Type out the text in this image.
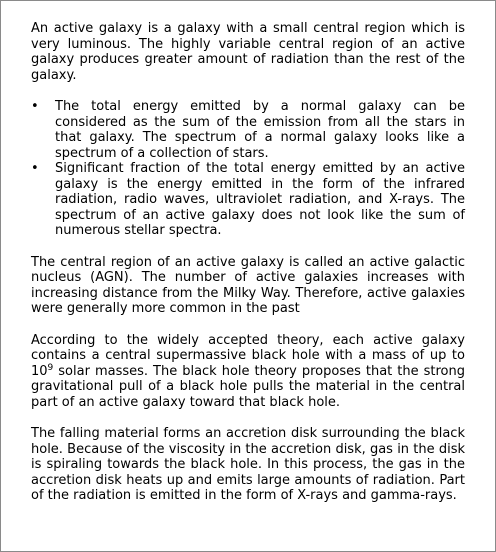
An active galaxy is a galaxy with a small central region which is very luminous. The highly variable central region of an active galaxy produces greater amount of radiation than the rest of the galaxy.

• The total energy emitted by a normal galaxy can be considered as the sum of the emission from all the stars in that galaxy. The spectrum of a normal galaxy looks like a spectrum of a collection of stars.
• Significant fraction of the total energy emitted by an active galaxy is the energy emitted in the form of the infrared radiation, radio waves, ultraviolet radiation, and X-rays. The spectrum of an active galaxy does not look like the sum of numerous stellar spectra.

The central region of an active galaxy is called an active galactic nucleus (AGN). The number of active galaxies increases with increasing distance from the Milky Way. Therefore, active galaxies were generally more common in the past

According to the widely accepted theory, each active galaxy contains a central supermassive black hole with a mass of up to $10^9$ solar masses. The black hole theory proposes that the strong gravitational pull of a black hole pulls the material in the central part of an active galaxy toward that black hole.

The falling material forms an accretion disk surrounding the black hole. Because of the viscosity in the accretion disk, gas in the disk is spiraling towards the black hole. In this process, the gas in the accretion disk heats up and emits large amounts of radiation. Part of the radiation is emitted in the form of X-rays and gamma-rays.
